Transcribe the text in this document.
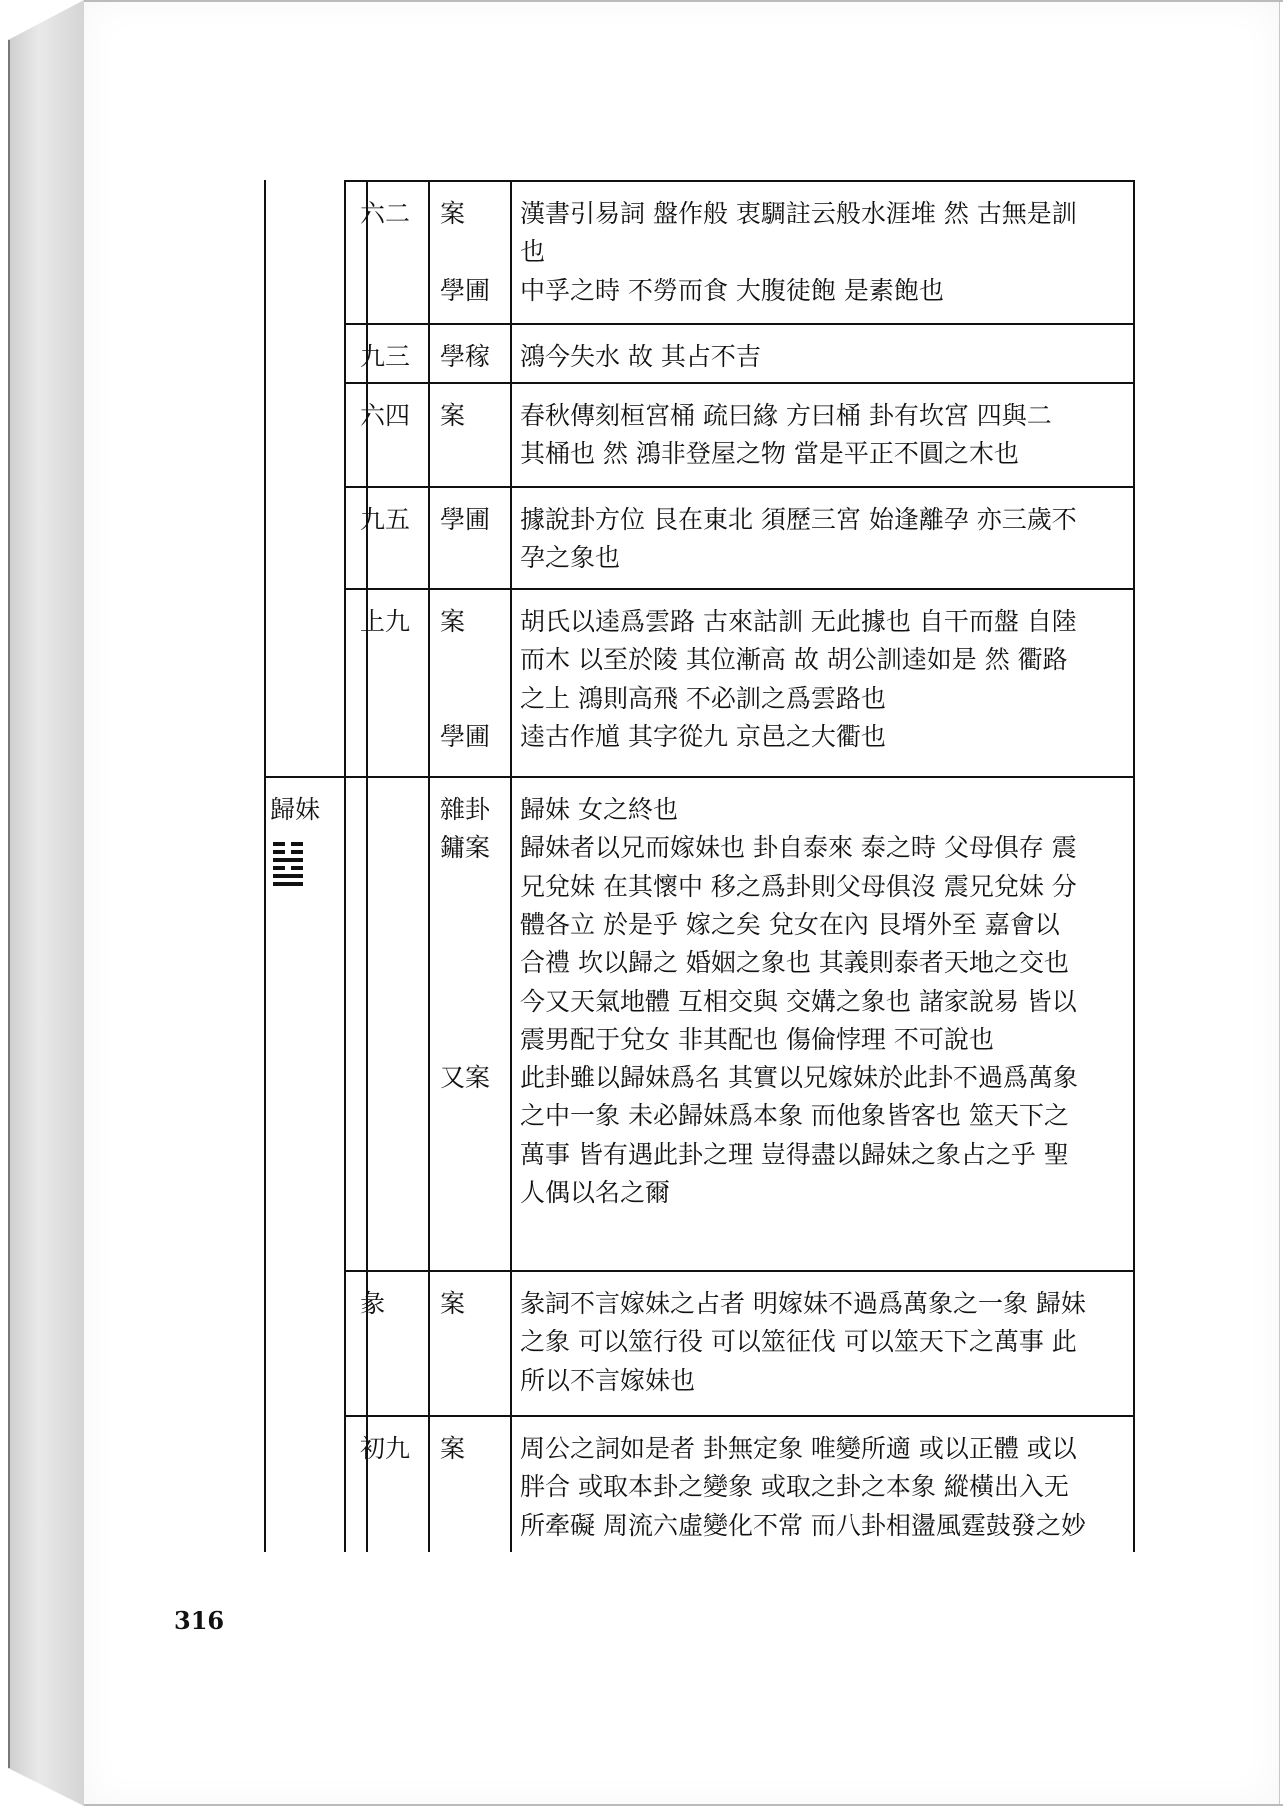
六二 案 漢書引易詞 盤作般 衷騆註云般水涯堆 然 古無是訓
也
學圃 中孚之時 不勞而食 大腹徒飽 是素飽也
九三 學稼 鴻今失水 故 其占不吉
六四 案 春秋傳刻桓宮桶 疏曰緣 方曰桶 卦有坎宮 四與二
其桶也 然 鴻非登屋之物 當是平正不圓之木也
九五 學圃 據說卦方位 艮在東北 須歷三宮 始逢離孕 亦三歲不
孕之象也
上九 案 胡氏以逵爲雲路 古來詁訓 无此據也 自干而盤 自陸
而木 以至於陵 其位漸高 故 胡公訓逵如是 然 衢路
之上 鴻則高飛 不必訓之爲雲路也
學圃 逵古作馗 其字從九 京邑之大衢也
歸妹	雜卦 歸妹 女之終也
鏞案 歸妹者以兄而嫁妹也 卦自泰來 泰之時 父母俱存 震
兄兌妹 在其懷中 移之爲卦則父母俱沒 震兄兌妹 分
體各立 於是乎 嫁之矣 兌女在內 艮壻外至 嘉會以
合禮 坎以歸之 婚姻之象也 其義則泰者天地之交也
今又天氣地體 互相交與 交媾之象也 諸家說易 皆以
震男配于兌女 非其配也 傷倫悖理 不可說也
又案 此卦雖以歸妹爲名 其實以兄嫁妹於此卦不過爲萬象
之中一象 未必歸妹爲本象 而他象皆客也 筮天下之
萬事 皆有遇此卦之理 豈得盡以歸妹之象占之乎 聖
人偶以名之爾
彖 案 彖詞不言嫁妹之占者 明嫁妹不過爲萬象之一象 歸妹
之象 可以筮行役 可以筮征伐 可以筮天下之萬事 此
所以不言嫁妹也
初九 案 周公之詞如是者 卦無定象 唯變所適 或以正體 或以
胖合 或取本卦之變象 或取之卦之本象 縱橫出入无
所牽礙 周流六虛變化不常 而八卦相盪風霆鼓發之妙
316
